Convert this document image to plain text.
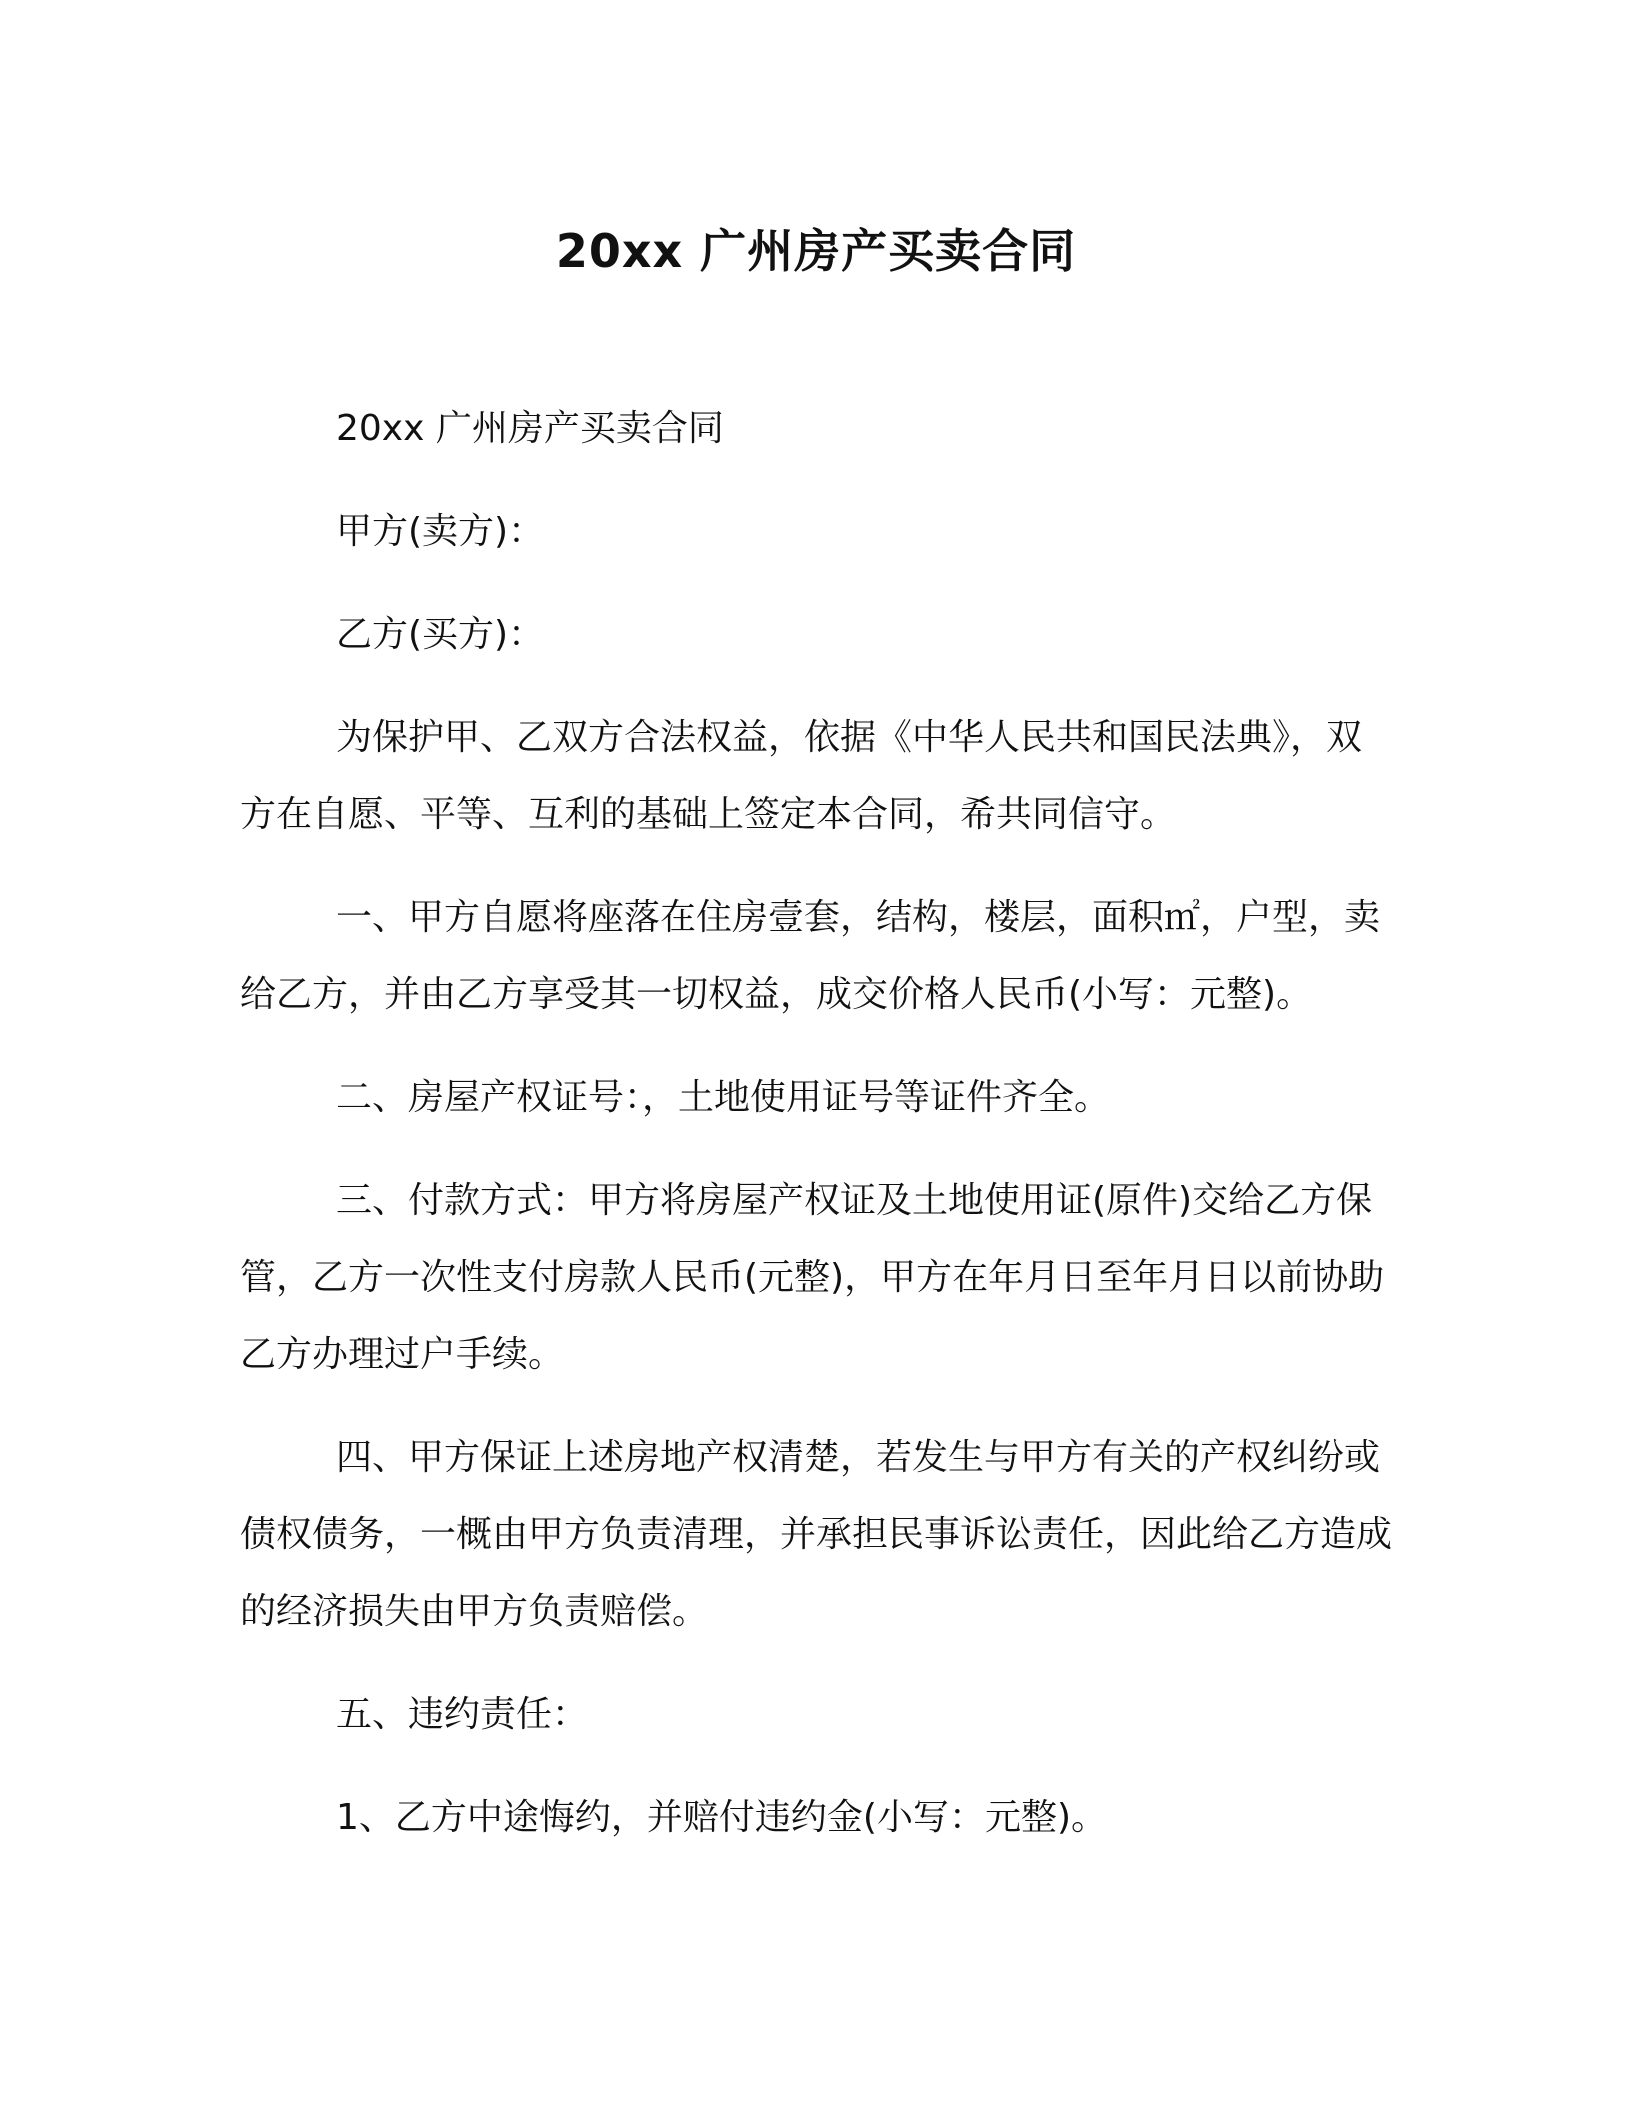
20xx 广州房产买卖合同

20xx 广州房产买卖合同

甲方(卖方)：

乙方(买方)：

为保护甲、乙双方合法权益，依据《中华人民共和国民法典》，双方在自愿、平等、互利的基础上签定本合同，希共同信守。

一、甲方自愿将座落在住房壹套，结构，楼层，面积㎡，户型，卖给乙方，并由乙方享受其一切权益，成交价格人民币(小写：元整)。

二、房屋产权证号：，土地使用证号等证件齐全。

三、付款方式：甲方将房屋产权证及土地使用证(原件)交给乙方保管，乙方一次性支付房款人民币(元整)，甲方在年月日至年月日以前协助乙方办理过户手续。

四、甲方保证上述房地产权清楚，若发生与甲方有关的产权纠纷或债权债务，一概由甲方负责清理，并承担民事诉讼责任，因此给乙方造成的经济损失由甲方负责赔偿。

五、违约责任：

1、乙方中途悔约，并赔付违约金(小写：元整)。
